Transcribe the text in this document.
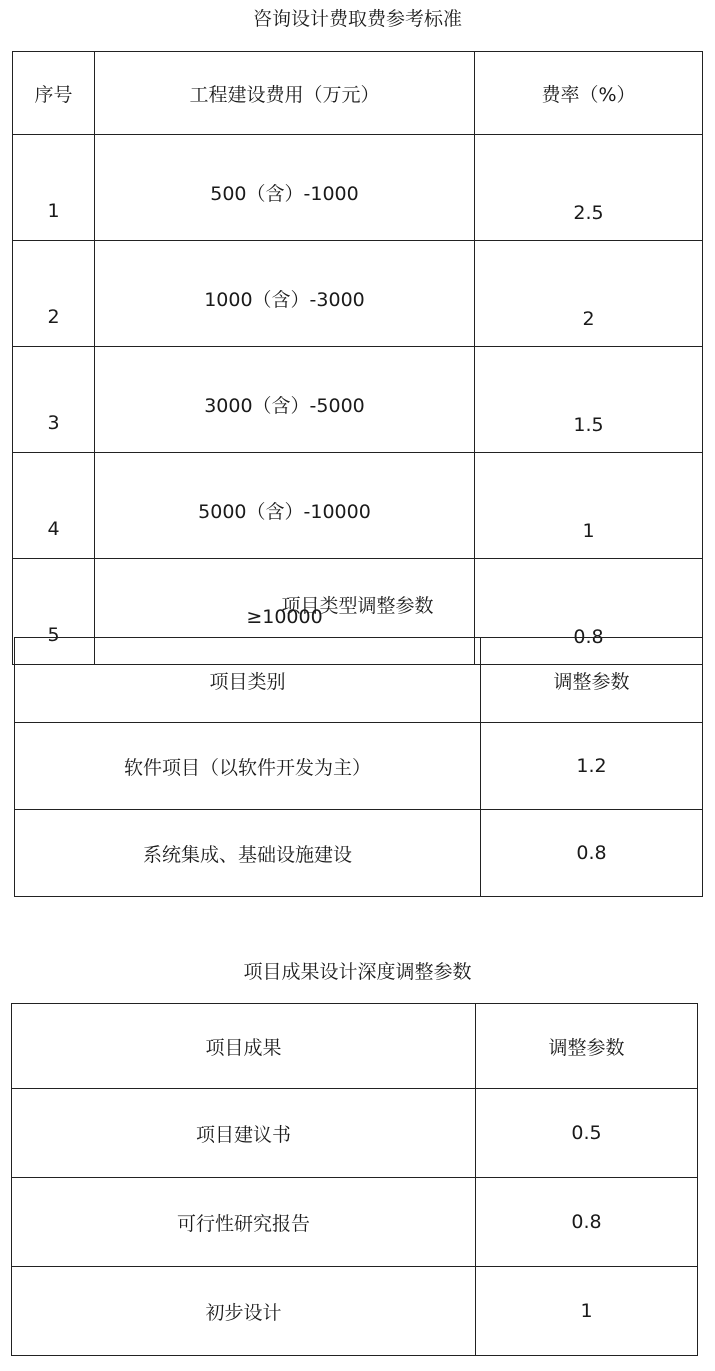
咨询设计费取费参考标准
序号	工程建设费用（万元）	费率（%）
1	500（含）-1000	2.5
2	1000（含）-3000	2
3	3000（含）-5000	1.5
4	5000（含）-10000	1
5	≥10000	0.8
项目类型调整参数
项目类别	调整参数
软件项目（以软件开发为主）	1.2
系统集成、基础设施建设	0.8
项目成果设计深度调整参数
项目成果	调整参数
项目建议书	0.5
可行性研究报告	0.8
初步设计	1
